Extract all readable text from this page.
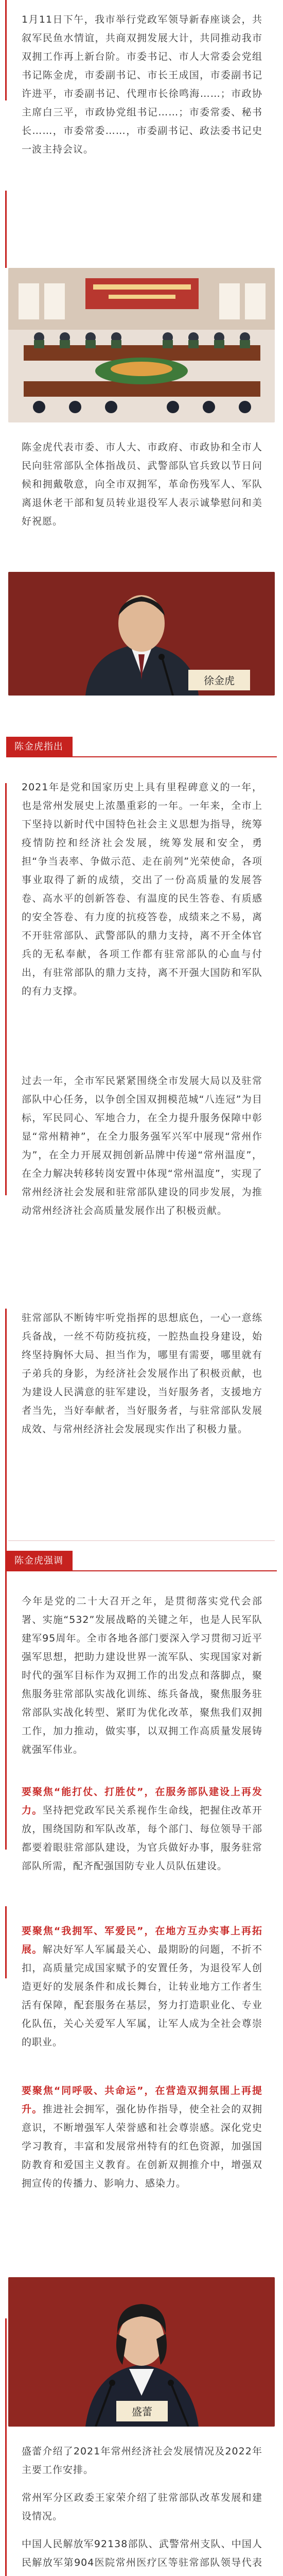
1月11日下午，我市举行党政军领导新春座谈会，共叙军民鱼水情谊，共商双拥发展大计，共同推动我市双拥工作再上新台阶。市委书记、市人大常委会党组书记陈金虎，市委副书记、市长王成国，市委副书记许进平，市委副书记、代理市长徐鸣海……；市政协主席白三平，市政协党组书记……；市委常委、秘书长……，市委常委……，市委副书记、政法委书记史一波主持会议。

陈金虎代表市委、市人大、市政府、市政协和全市人民向驻常部队全体指战员、武警部队官兵致以节日问候和拥戴敬意，向全市双拥军，革命伤残军人、军队离退休老干部和复员转业退役军人表示诚挚慰问和美好祝愿。

徐金虎
陈金虎指出

2021年是党和国家历史上具有里程碑意义的一年，也是常州发展史上浓墨重彩的一年。一年来，全市上下坚持以新时代中国特色社会主义思想为指导，统筹疫情防控和经济社会发展，统筹发展和安全，勇担“争当表率、争做示范、走在前列”光荣使命，各项事业取得了新的成绩，交出了一份高质量的发展答卷、高水平的创新答卷、有温度的民生答卷、有质感的安全答卷、有力度的抗疫答卷，成绩来之不易，离不开驻常部队、武警部队的鼎力支持，离不开全体官兵的无私奉献，各项工作都有驻常部队的心血与付出，有驻常部队的鼎力支持，离不开强大国防和军队的有力支撑。

过去一年，全市军民紧紧围绕全市发展大局以及驻常部队中心任务，以争创全国双拥模范城“八连冠”为目标，军民同心、军地合力，在全力提升服务保障中彰显“常州精神”，在全力服务强军兴军中展现“常州作为”，在全力开展双拥创新品牌中传递“常州温度”，在全力解决转移转岗安置中体现“常州温度”，实现了常州经济社会发展和驻常部队建设的同步发展，为推动常州经济社会高质量发展作出了积极贡献。

驻常部队不断铸牢听党指挥的思想底色，一心一意练兵备战，一丝不苟防疫抗疫，一腔热血投身建设，始终坚持胸怀大局、担当作为，哪里有需要，哪里就有子弟兵的身影，为经济社会发展作出了积极贡献，也为建设人民满意的驻军建设，当好服务者，支援地方者当先，当好奉献者，当好服务者，与驻常部队发展成效、与常州经济社会发展现实作出了积极力量。

陈金虎强调

今年是党的二十大召开之年，是贯彻落实党代会部署、实施“532”发展战略的关键之年，也是人民军队建军95周年。全市各地各部门要深入学习贯彻习近平强军思想，把助力建设世界一流军队、实现国家对新时代的强军目标作为双拥工作的出发点和落脚点，聚焦服务驻常部队实战化训练、练兵备战，聚焦服务驻常部队实战化转型、紧盯为优化改革，聚焦我们双拥工作，加力推动，做实事，以双拥工作高质量发展铸就强军伟业。

要聚焦“能打仗、打胜仗”，在服务部队建设上再发力。坚持把党政军民关系视作生命线，把握住改革开放，围绕国防和军队改革，每个部门、每位领导干部都要着眼驻常部队建设，为官兵做好办事，服务驻常部队所需，配齐配强国防专业人员队伍建设。

要聚焦“我拥军、军爱民”，在地方互办实事上再拓展。解决好军人军属最关心、最期盼的问题，不折不扣，高质量完成国家赋予的安置任务，为退役军人创造更好的发展条件和成长舞台，让转业地方工作者生活有保障，配套服务在基层，努力打造职业化、专业化队伍，关心关爱军人军属，让军人成为全社会尊崇的职业。

要聚焦“同呼吸、共命运”，在营造双拥氛围上再提升。推进社会拥军，强化协作指导，使全社会的双拥意识，不断增强军人荣誉感和社会尊崇感。深化党史学习教育，丰富和发展常州特有的红色资源，加强国防教育和爱国主义教育。在创新双拥推介中，增强双拥宣传的传播力、影响力、感染力。

盛蕾

盛蕾介绍了2021年常州经济社会发展情况及2022年主要工作安排。

常州军分区政委王家荣介绍了驻常部队改革发展和建设情况。

中国人民解放军92138部队、武警常州支队、中国人民解放军第904医院常州医疗区等驻常部队领导代表
